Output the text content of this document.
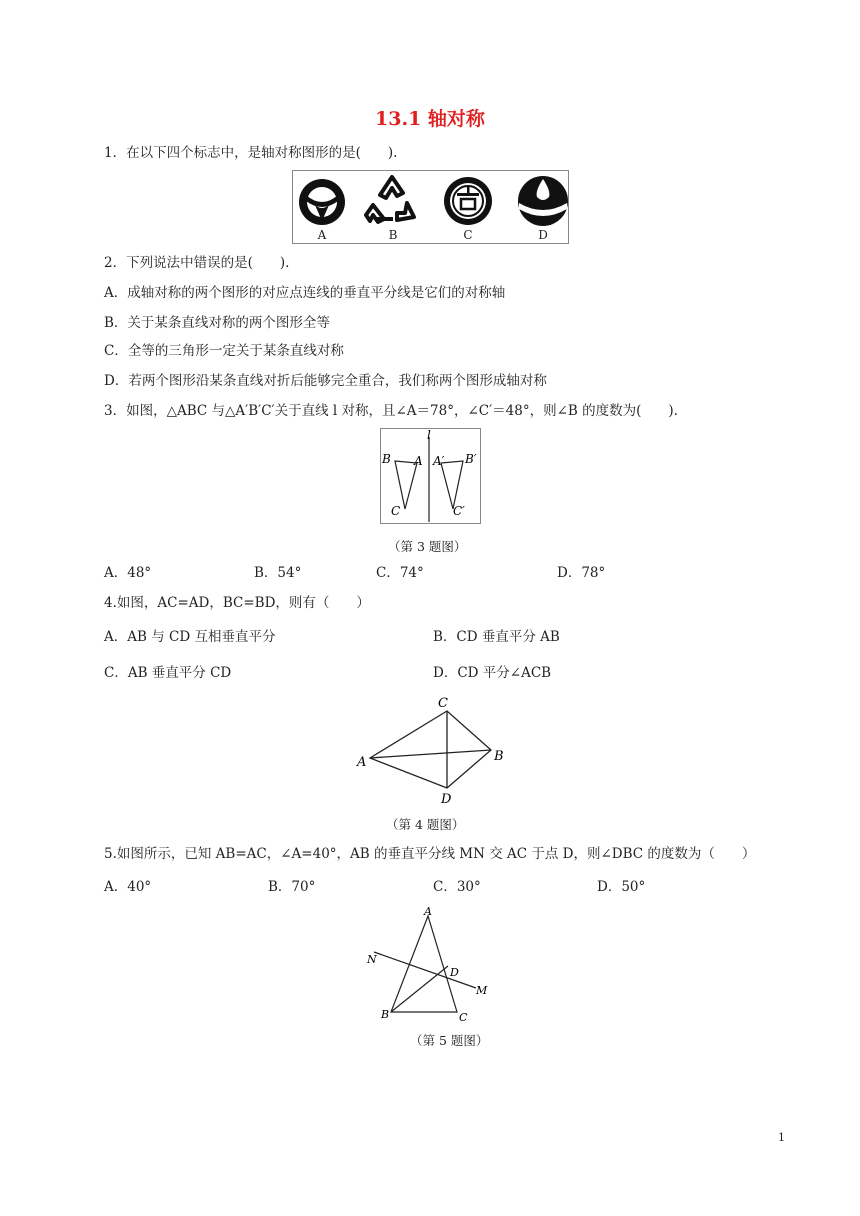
13.1 轴对称
1．在以下四个标志中，是轴对称图形的是(　　).
A	B	C	D
2．下列说法中错误的是(　　).
A．成轴对称的两个图形的对应点连线的垂直平分线是它们的对称轴
B．关于某条直线对称的两个图形全等
C．全等的三角形一定关于某条直线对称
D．若两个图形沿某条直线对折后能够完全重合，我们称两个图形成轴对称
3．如图，△ABC 与△A′B′C′关于直线 l 对称，且∠A＝78°，∠C′＝48°，则∠B 的度数为(　　).
l
B A A′ B′
C	C′
（第 3 题图）
A．48°	B．54°	C．74°	D．78°
4.如图，AC=AD，BC=BD，则有（　　）
A．AB 与 CD 互相垂直平分	B．CD 垂直平分 AB
C．AB 垂直平分 CD	D．CD 平分∠ACB
C
A	B
D
（第 4 题图）
5.如图所示，已知 AB=AC，∠A=40°，AB 的垂直平分线 MN 交 AC 于点 D，则∠DBC 的度数为（　　）
A．40°	B．70°	C．30°	D．50°
A
N
D
M
B	C
（第 5 题图）
1
